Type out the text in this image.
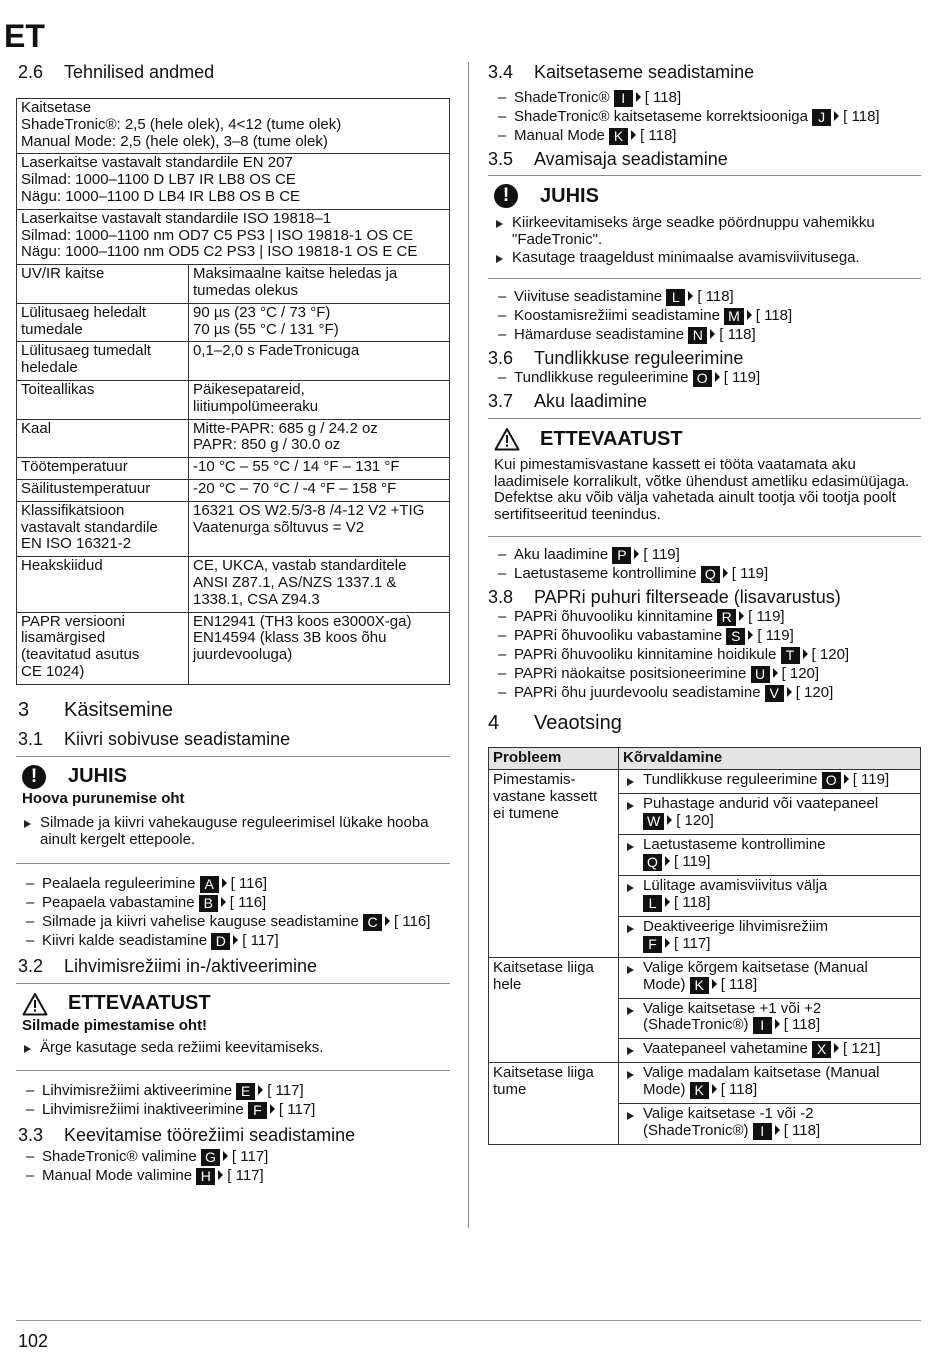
ET
2.6	Tehnilised andmed
Kaitsetase
ShadeTronic®: 2,5 (hele olek), 4<12 (tume olek)
Manual Mode: 2,5 (hele olek), 3–8 (tume olek)	

Laserkaitse vastavalt standardile EN 207
Silmad: 1000–1100 D LB7 IR LB8 OS CE
Nägu: 1000–1100 D LB4 IR LB8 OS B CE	

Laserkaitse vastavalt standardile ISO 19818–1
Silmad: 1000–1100 nm OD7 C5 PS3 | ISO 19818-1 OS CE
Nägu: 1000–1100 nm OD5 C2 PS3 | ISO 19818-1 OS E CE	

UV/IR kaitse	Maksimaalne kaitse heledas ja
tumedas olekus

Lülitusaeg heledalt
tumedale	90 µs (23 °C / 73 °F)
70 µs (55 °C / 131 °F)

Lülitusaeg tumedalt
heledale	0,1–2,0 s FadeTronicuga

Toiteallikas	Päikesepatareid,
liitiumpolümeeraku

Kaal	Mitte-PAPR: 685 g / 24.2 oz
PAPR: 850 g / 30.0 oz

Töötemperatuur	-10 °C – 55 °C / 14 °F – 131 °F

Säilitustemperatuur	-20 °C – 70 °C / -4 °F – 158 °F

Klassifikatsioon
vastavalt standardile
EN ISO 16321-2	16321 OS W2.5/3-8 /4-12 V2 +TIG
Vaatenurga sõltuvus = V2

Heakskiidud	CE, UKCA, vastab standarditele
ANSI Z87.1, AS/NZS 1337.1 &
1338.1, CSA Z94.3

PAPR versiooni
lisamärgised
(teavitatud asutus
CE 1024)	EN12941 (TH3 koos e3000X-ga)
EN14594 (klass 3B koos õhu
juurdevooluga)
3	Käsitsemine
3.1	Kiivri sobivuse seadistamine
!	JUHIS
Hoova purunemise oht
Silmade ja kiivri vahekauguse reguleerimisel lükake hooba ainult kergelt ettepoole.
– Pealaela reguleerimine A [ 116]
– Peapaela vabastamine B [ 116]
– Silmade ja kiivri vahelise kauguse seadistamine C [ 116]
– Kiivri kalde seadistamine D [ 117]
3.2	Lihvimisrežiimi in-/aktiveerimine
ETTEVAATUST
Silmade pimestamise oht!
Ärge kasutage seda režiimi keevitamiseks.
– Lihvimisrežiimi aktiveerimine E [ 117]
– Lihvimisrežiimi inaktiveerimine F [ 117]
3.3	Keevitamise töörežiimi seadistamine
– ShadeTronic® valimine G [ 117]
– Manual Mode valimine H [ 117]
3.4	Kaitsetaseme seadistamine
– ShadeTronic® I [ 118]
– ShadeTronic® kaitsetaseme korrektsiooniga J [ 118]
– Manual Mode K [ 118]
3.5	Avamisaja seadistamine
!	JUHIS
Kiirkeevitamiseks ärge seadke pöördnuppu vahemikku "FadeTronic".
Kasutage traageldust minimaalse avamisviivitusega.
– Viivituse seadistamine L [ 118]
– Koostamisrežiimi seadistamine M [ 118]
– Hämarduse seadistamine N [ 118]
3.6	Tundlikkuse reguleerimine
– Tundlikkuse reguleerimine O [ 119]
3.7	Aku laadimine
ETTEVAATUST
Kui pimestamisvastane kassett ei tööta vaatamata aku laadimisele korralikult, võtke ühendust ametliku edasimüüjaga. Defektse aku võib välja vahetada ainult tootja või tootja poolt sertifitseeritud teenindus.
– Aku laadimine P [ 119]
– Laetustaseme kontrollimine Q [ 119]
3.8	PAPRi puhuri filterseade (lisavarustus)
– PAPRi õhuvooliku kinnitamine R [ 119]
– PAPRi õhuvooliku vabastamine S [ 119]
– PAPRi õhuvooliku kinnitamine hoidikule T [ 120]
– PAPRi näokaitse positsioneerimine U [ 120]
– PAPRi õhu juurdevoolu seadistamine V [ 120]
4	Veaotsing
Probleem	Kõrvaldamine

Pimestamis-
vastane kassett
ei tumene	Tundlikkuse reguleerimine O [ 119]

	Puhastage andurid või vaatepaneel
W [ 120]

	Laetustaseme kontrollimine
Q [ 119]

	Lülitage avamisviivitus välja
L [ 118]

	Deaktiveerige lihvimisrežiim
F [ 117]

Kaitsetase liiga
hele	Valige kõrgem kaitsetase (Manual
Mode) K [ 118]

	Valige kaitsetase +1 või +2
(ShadeTronic®) I [ 118]

	Vaatepaneel vahetamine X [ 121]

Kaitsetase liiga
tume	Valige madalam kaitsetase (Manual
Mode) K [ 118]

	Valige kaitsetase -1 või -2
(ShadeTronic®) I [ 118]
102
